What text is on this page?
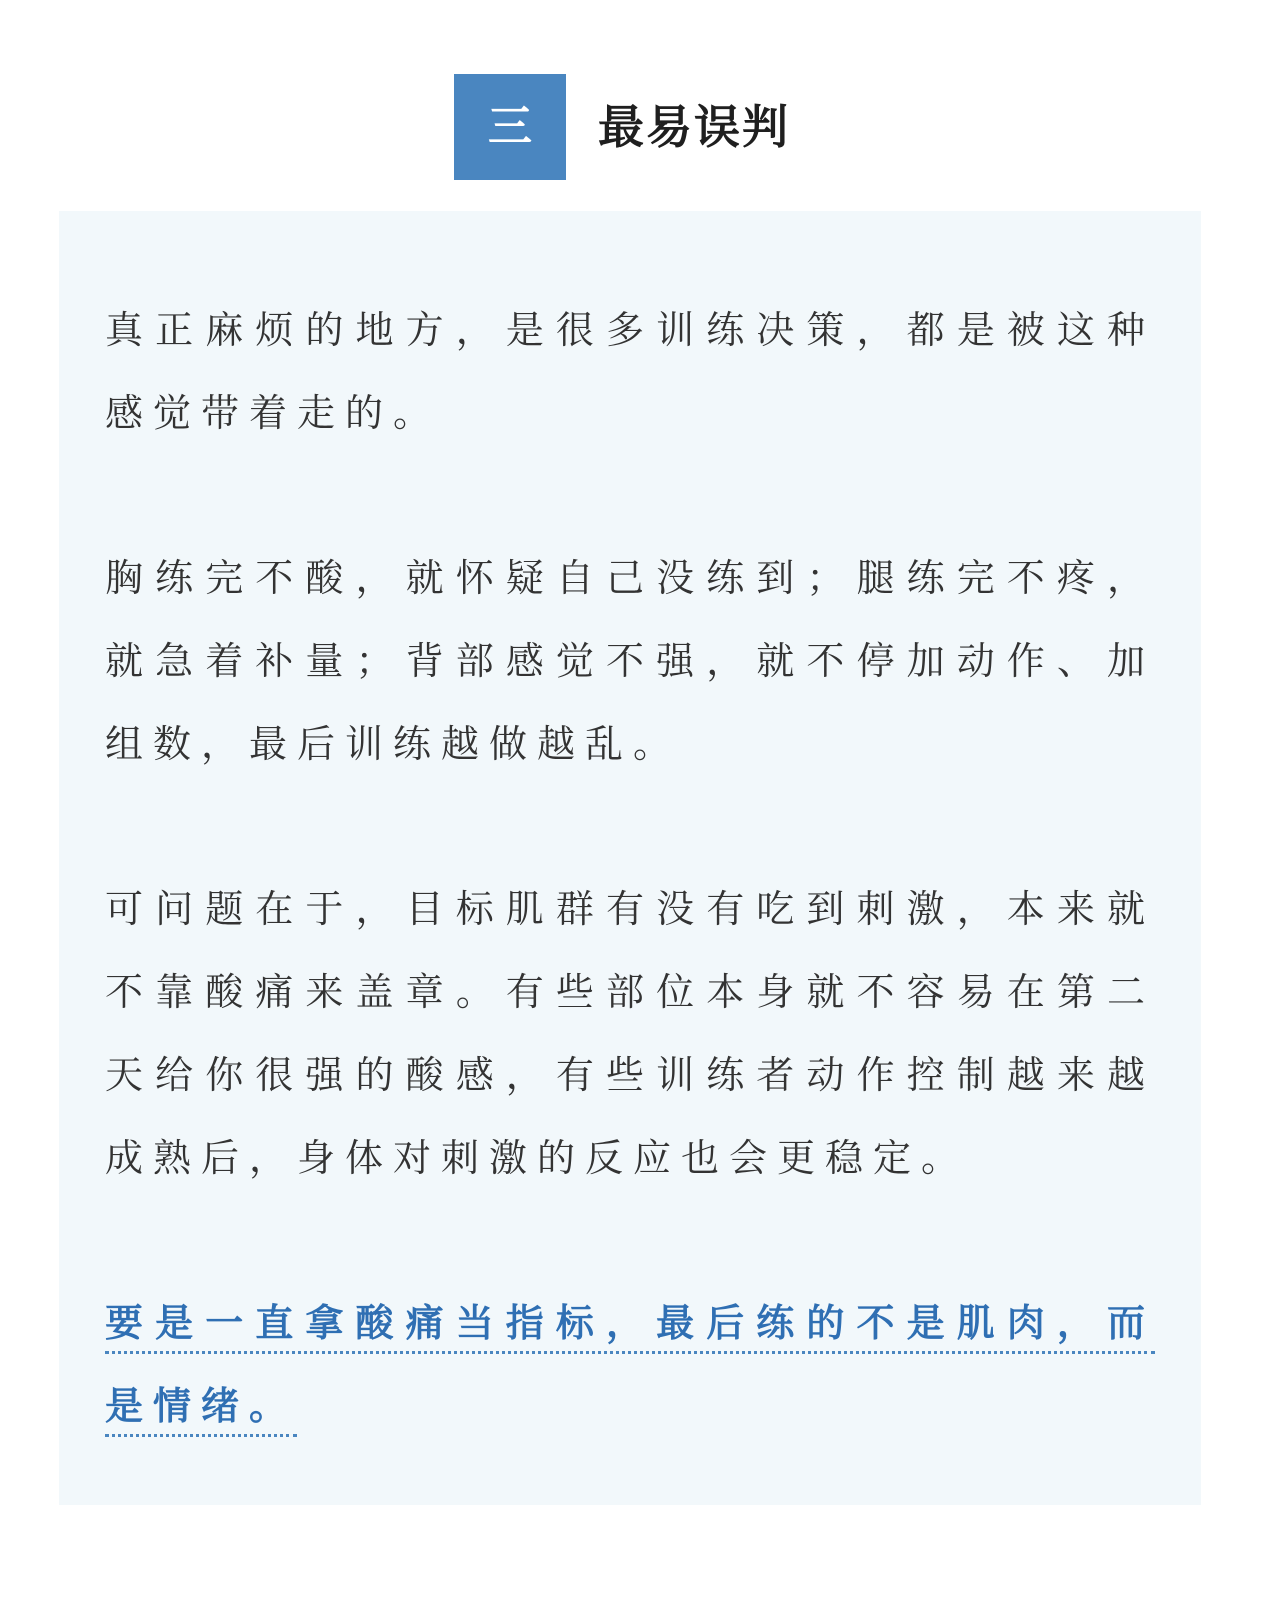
三	最易误判

真正麻烦的地方，是很多训练决策，都是被这种感觉带着走的。

胸练完不酸，就怀疑自己没练到；腿练完不疼，就急着补量；背部感觉不强，就不停加动作、加组数，最后训练越做越乱。

可问题在于，目标肌群有没有吃到刺激，本来就不靠酸痛来盖章。有些部位本身就不容易在第二天给你很强的酸感，有些训练者动作控制越来越成熟后，身体对刺激的反应也会更稳定。

要是一直拿酸痛当指标，最后练的不是肌肉，而是情绪。
